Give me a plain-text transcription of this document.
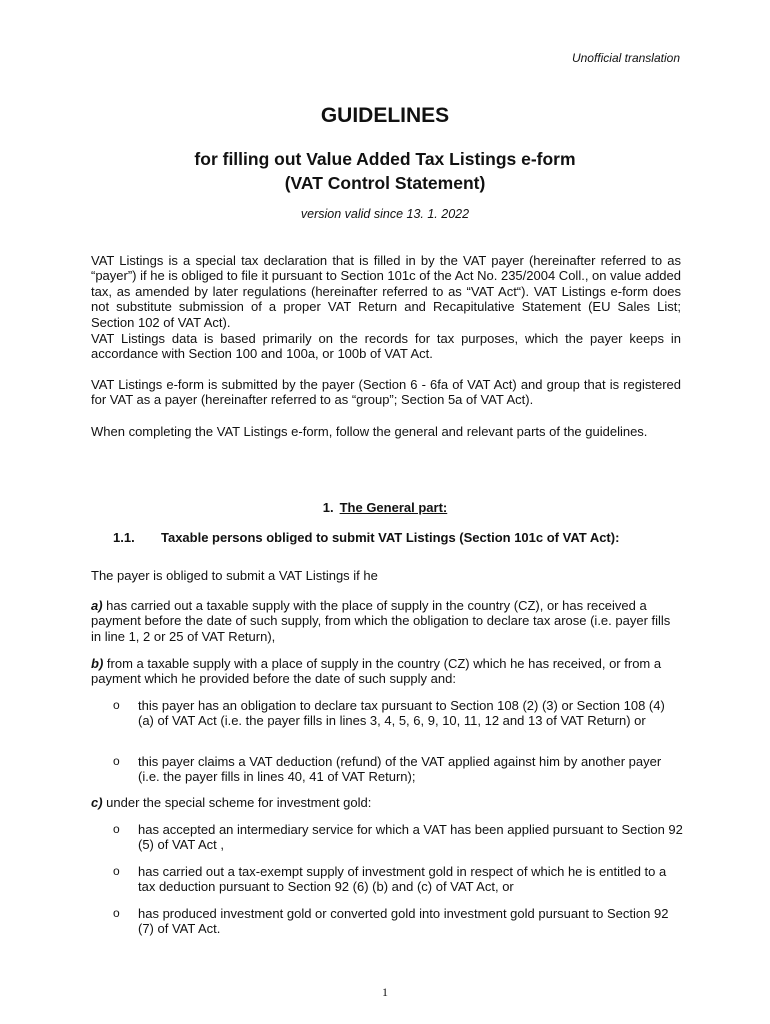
Unofficial translation
GUIDELINES
for filling out Value Added Tax Listings e-form
(VAT Control Statement)
version valid since 13. 1. 2022
VAT Listings is a special tax declaration that is filled in by the VAT payer (hereinafter referred to as “payer”) if he is obliged to file it pursuant to Section 101c of the Act No. 235/2004 Coll., on value added tax, as amended by later regulations (hereinafter referred to as “VAT Act“). VAT Listings e-form does not substitute submission of a proper VAT Return and Recapitulative Statement (EU Sales List; Section 102 of VAT Act).
VAT Listings data is based primarily on the records for tax purposes, which the payer keeps in accordance with Section 100 and 100a, or 100b of VAT Act.
VAT Listings e-form is submitted by the payer (Section 6 - 6fa of VAT Act) and group that is registered for VAT as a payer (hereinafter referred to as “group”; Section 5a of VAT Act).
When completing the VAT Listings e-form, follow the general and relevant parts of the guidelines.
1. The General part:
1.1. Taxable persons obliged to submit VAT Listings (Section 101c of VAT Act):
The payer is obliged to submit a VAT Listings if he
a) has carried out a taxable supply with the place of supply in the country (CZ), or has received a payment before the date of such supply, from which the obligation to declare tax arose (i.e. payer fills in line 1, 2 or 25 of VAT Return),
b) from a taxable supply with a place of supply in the country (CZ) which he has received, or from a payment which he provided before the date of such supply and:
o this payer has an obligation to declare tax pursuant to Section 108 (2) (3) or Section 108 (4) (a) of VAT Act (i.e. the payer fills in lines 3, 4, 5, 6, 9, 10, 11, 12 and 13 of VAT Return) or
o this payer claims a VAT deduction (refund) of the VAT applied against him by another payer (i.e. the payer fills in lines 40, 41 of VAT Return);
c) under the special scheme for investment gold:
o has accepted an intermediary service for which a VAT has been applied pursuant to Section 92 (5) of VAT Act ,
o has carried out a tax-exempt supply of investment gold in respect of which he is entitled to a tax deduction pursuant to Section 92 (6) (b) and (c) of VAT Act, or
o has produced investment gold or converted gold into investment gold pursuant to Section 92 (7) of VAT Act.
1
